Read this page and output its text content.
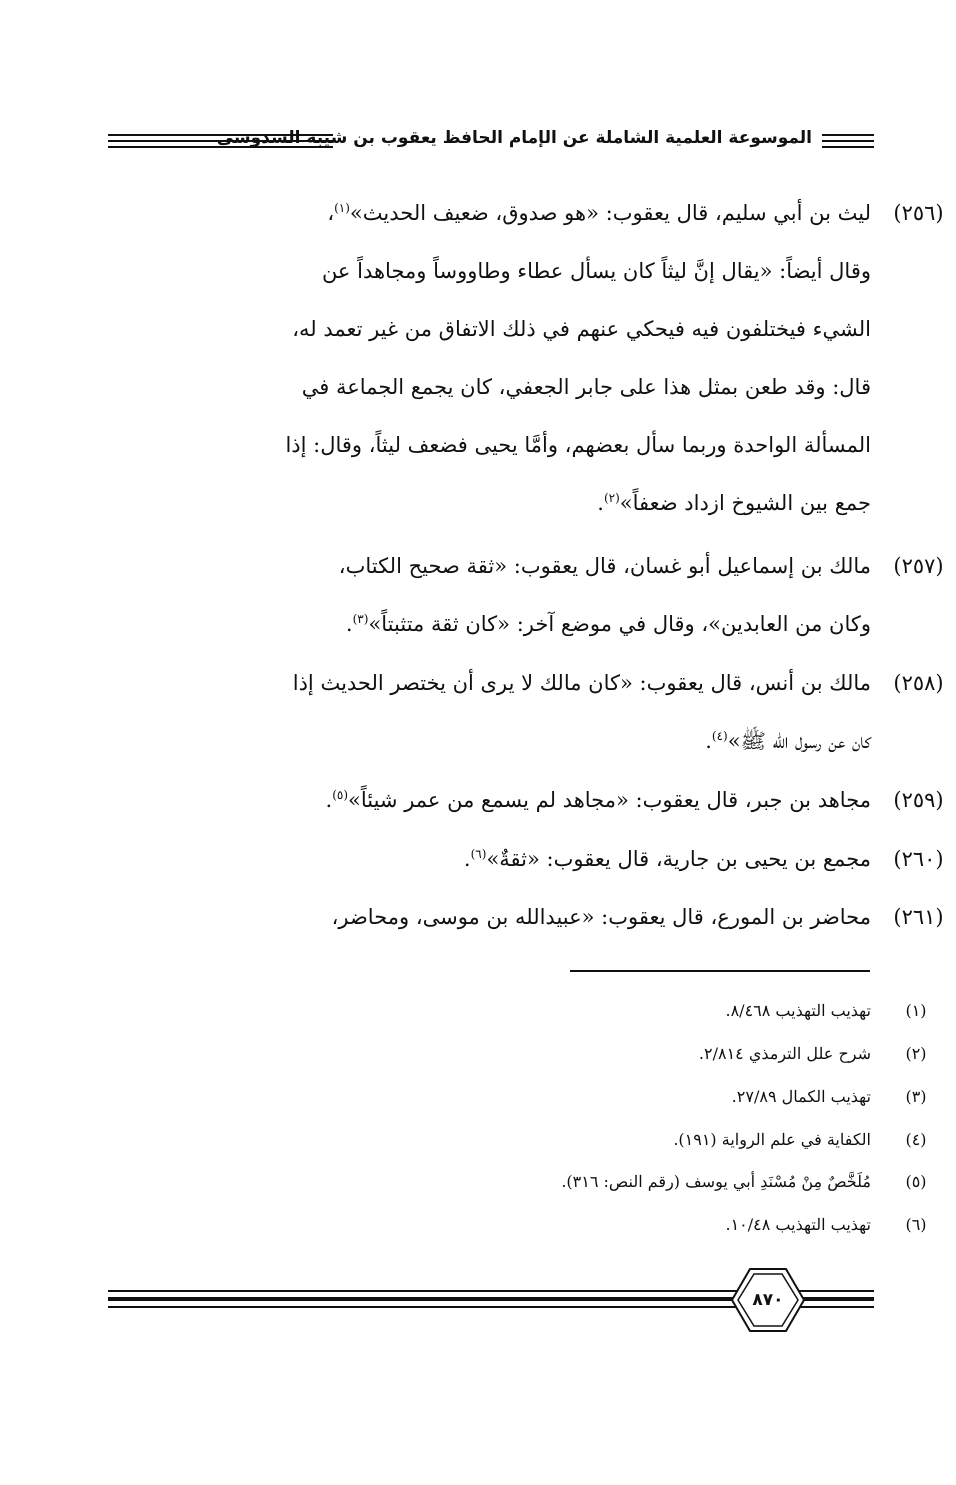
الموسوعة العلمية الشاملة عن الإمام الحافظ يعقوب بن شيبة السدوسي
(٢٥٦)
ليث بن أبي سليم، قال يعقوب: «هو صدوق، ضعيف الحديث»$^{(١)}$،
وقال أيضاً: «يقال إنَّ ليثاً كان يسأل عطاء وطاووساً ومجاهداً عن
الشيء فيختلفون فيه فيحكي عنهم في ذلك الاتفاق من غير تعمد له،
قال: وقد طعن بمثل هذا على جابر الجعفي، كان يجمع الجماعة في
المسألة الواحدة وربما سأل بعضهم، وأمَّا يحيى فضعف ليثاً، وقال: إذا
جمع بين الشيوخ ازداد ضعفاً»$^{(٢)}$.
(٢٥٧)
مالك بن إسماعيل أبو غسان، قال يعقوب: «ثقة صحيح الكتاب،
وكان من العابدين»، وقال في موضع آخر: «كان ثقة متثبتاً»$^{(٣)}$.
(٢٥٨)
مالك بن أنس، قال يعقوب: «كان مالك لا يرى أن يختصر الحديث إذا
كان عن رسول الله ﷺ»$^{(٤)}$.
(٢٥٩)
مجاهد بن جبر، قال يعقوب: «مجاهد لم يسمع من عمر شيئاً»$^{(٥)}$.
(٢٦٠)
مجمع بن يحيى بن جارية، قال يعقوب: «ثقةٌ»$^{(٦)}$.
(٢٦١)
محاضر بن المورع، قال يعقوب: «عبيدالله بن موسى، ومحاضر،
(١)
تهذيب التهذيب ٨/٤٦٨.
(٢)
شرح علل الترمذي ٢/٨١٤.
(٣)
تهذيب الكمال ٢٧/٨٩.
(٤)
الكفاية في علم الرواية (١٩١).
(٥)
مُلَخَّصٌ مِنْ مُسْنَدِ أبي يوسف (رقم النص: ٣١٦).
(٦)
تهذيب التهذيب ١٠/٤٨.
٨٧٠
